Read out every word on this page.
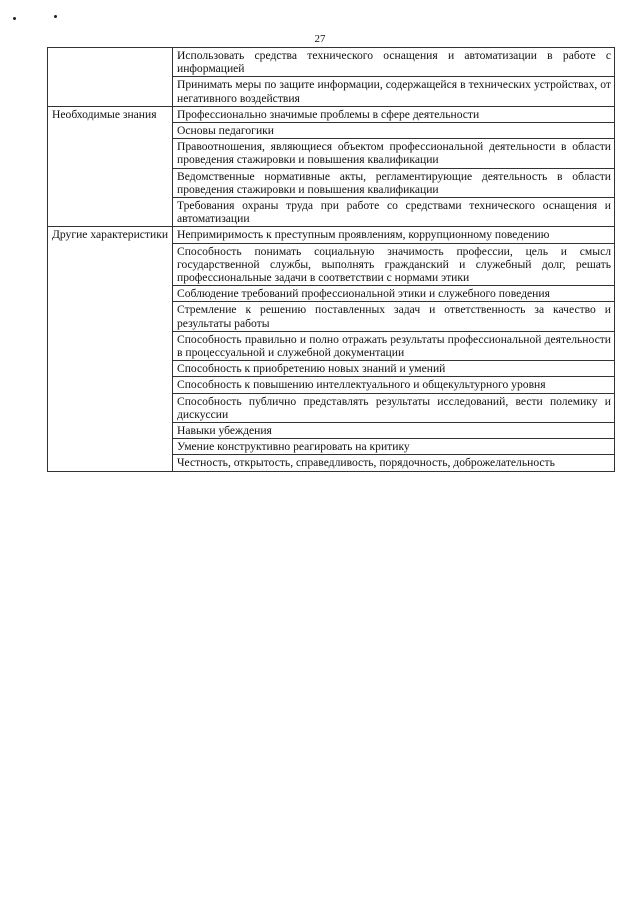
27
	Использовать средства технического оснащения и автоматизации в работе с информацией
	Принимать меры по защите информации, содержащейся в технических устройствах, от негативного воздействия
Необходимые знания	Профессионально значимые проблемы в сфере деятельности
	Основы педагогики
	Правоотношения, являющиеся объектом профессиональной деятельности в области проведения стажировки и повышения квалификации
	Ведомственные нормативные акты, регламентирующие деятельность в области проведения стажировки и повышения квалификации
	Требования охраны труда при работе со средствами технического оснащения и автоматизации
Другие характеристики	Непримиримость к преступным проявлениям, коррупционному поведению
	Способность понимать социальную значимость профессии, цель и смысл государственной службы, выполнять гражданский и служебный долг, решать профессиональные задачи в соответствии с нормами этики
	Соблюдение требований профессиональной этики и служебного поведения
	Стремление к решению поставленных задач и ответственность за качество и результаты работы
	Способность правильно и полно отражать результаты профессиональной деятельности в процессуальной и служебной документации
	Способность к приобретению новых знаний и умений
	Способность к повышению интеллектуального и общекультурного уровня
	Способность публично представлять результаты исследований, вести полемику и дискуссии
	Навыки убеждения
	Умение конструктивно реагировать на критику
	Честность, открытость, справедливость, порядочность, доброжелательность
